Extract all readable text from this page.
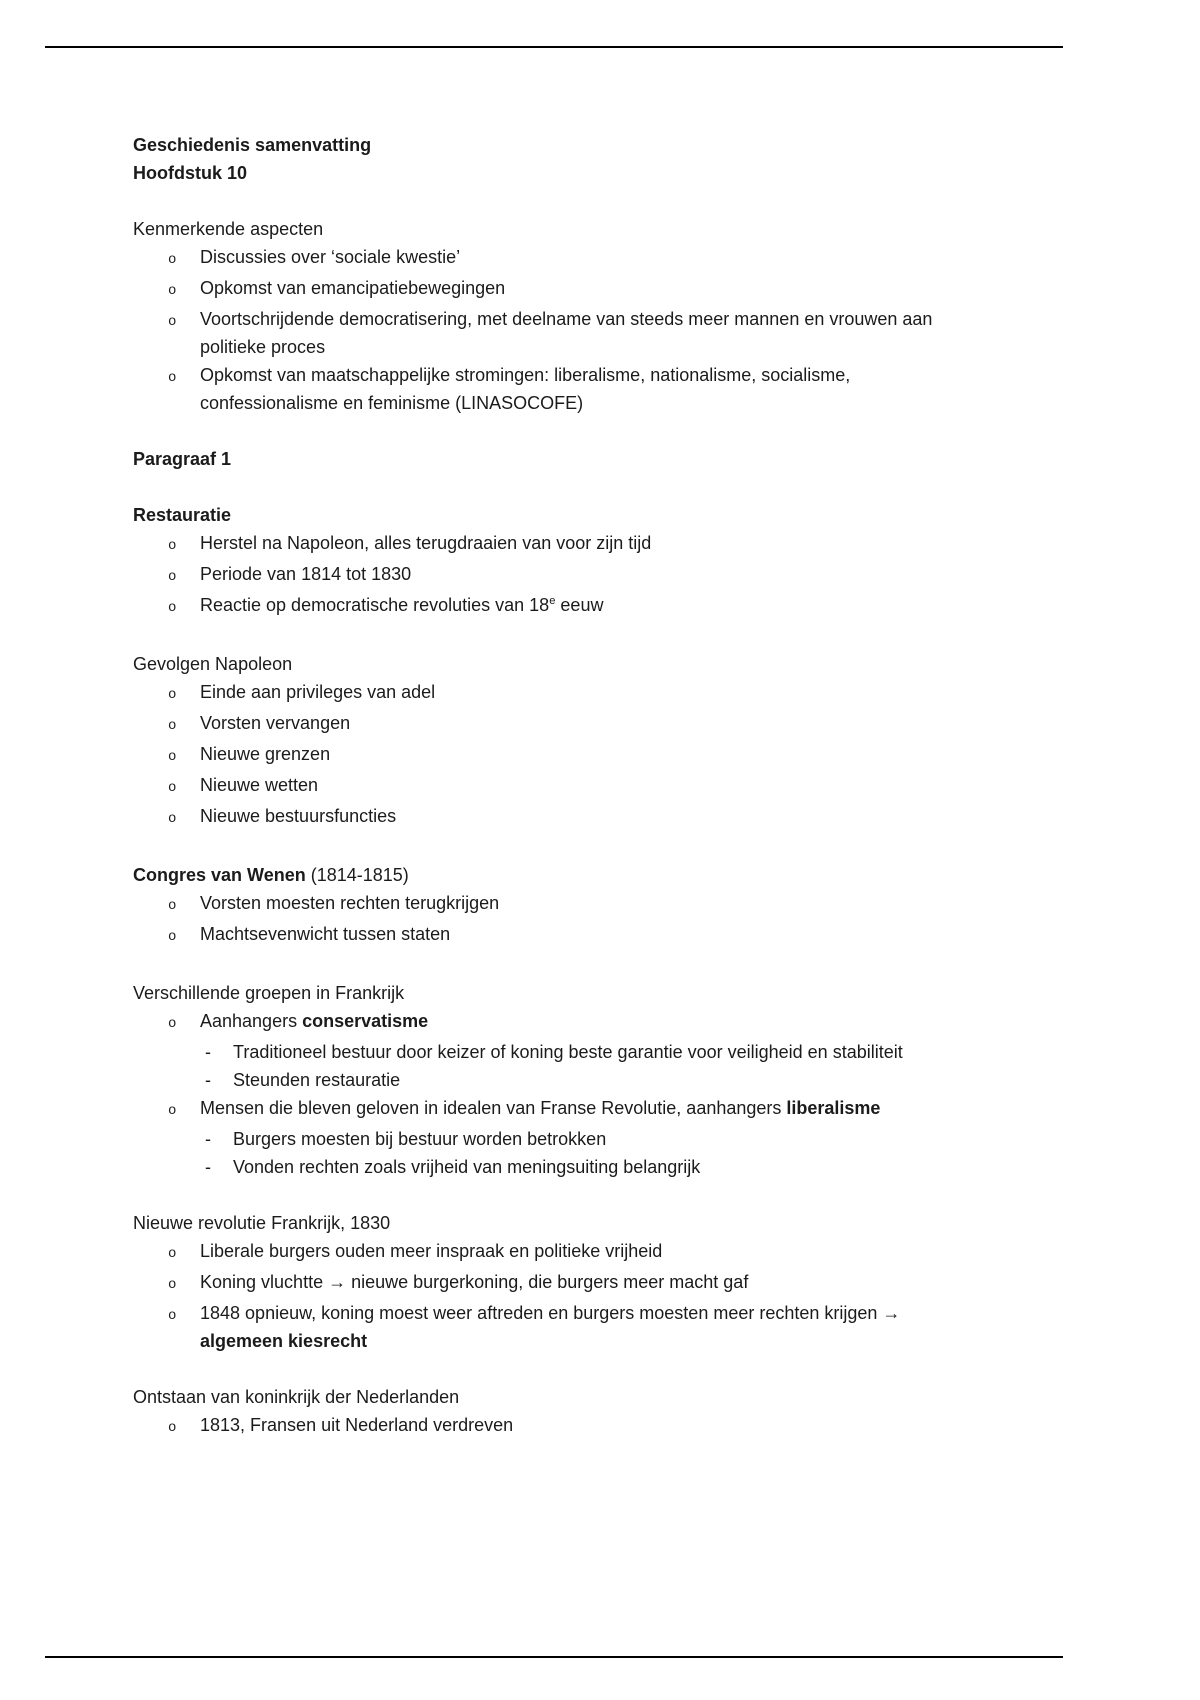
Geschiedenis samenvatting
Hoofdstuk 10
Kenmerkende aspecten
o	Discussies over ‘sociale kwestie’
o	Opkomst van emancipatiebewegingen
o	Voortschrijdende democratisering, met deelname van steeds meer mannen en vrouwen aan politieke proces
o	Opkomst van maatschappelijke stromingen: liberalisme, nationalisme, socialisme, confessionalisme en feminisme (LINASOCOFE)
Paragraaf 1
Restauratie
o	Herstel na Napoleon, alles terugdraaien van voor zijn tijd
o	Periode van 1814 tot 1830
o	Reactie op democratische revoluties van 18e eeuw
Gevolgen Napoleon
o	Einde aan privileges van adel
o	Vorsten vervangen
o	Nieuwe grenzen
o	Nieuwe wetten
o	Nieuwe bestuursfuncties
Congres van Wenen (1814-1815)
o	Vorsten moesten rechten terugkrijgen
o	Machtsevenwicht tussen staten
Verschillende groepen in Frankrijk
o	Aanhangers conservatisme
-	Traditioneel bestuur door keizer of koning beste garantie voor veiligheid en stabiliteit
-	Steunden restauratie
o	Mensen die bleven geloven in idealen van Franse Revolutie, aanhangers liberalisme
-	Burgers moesten bij bestuur worden betrokken
-	Vonden rechten zoals vrijheid van meningsuiting belangrijk
Nieuwe revolutie Frankrijk, 1830
o	Liberale burgers ouden meer inspraak en politieke vrijheid
o	Koning vluchtte → nieuwe burgerkoning, die burgers meer macht gaf
o	1848 opnieuw, koning moest weer aftreden en burgers moesten meer rechten krijgen → algemeen kiesrecht
Ontstaan van koninkrijk der Nederlanden
o	1813, Fransen uit Nederland verdreven
